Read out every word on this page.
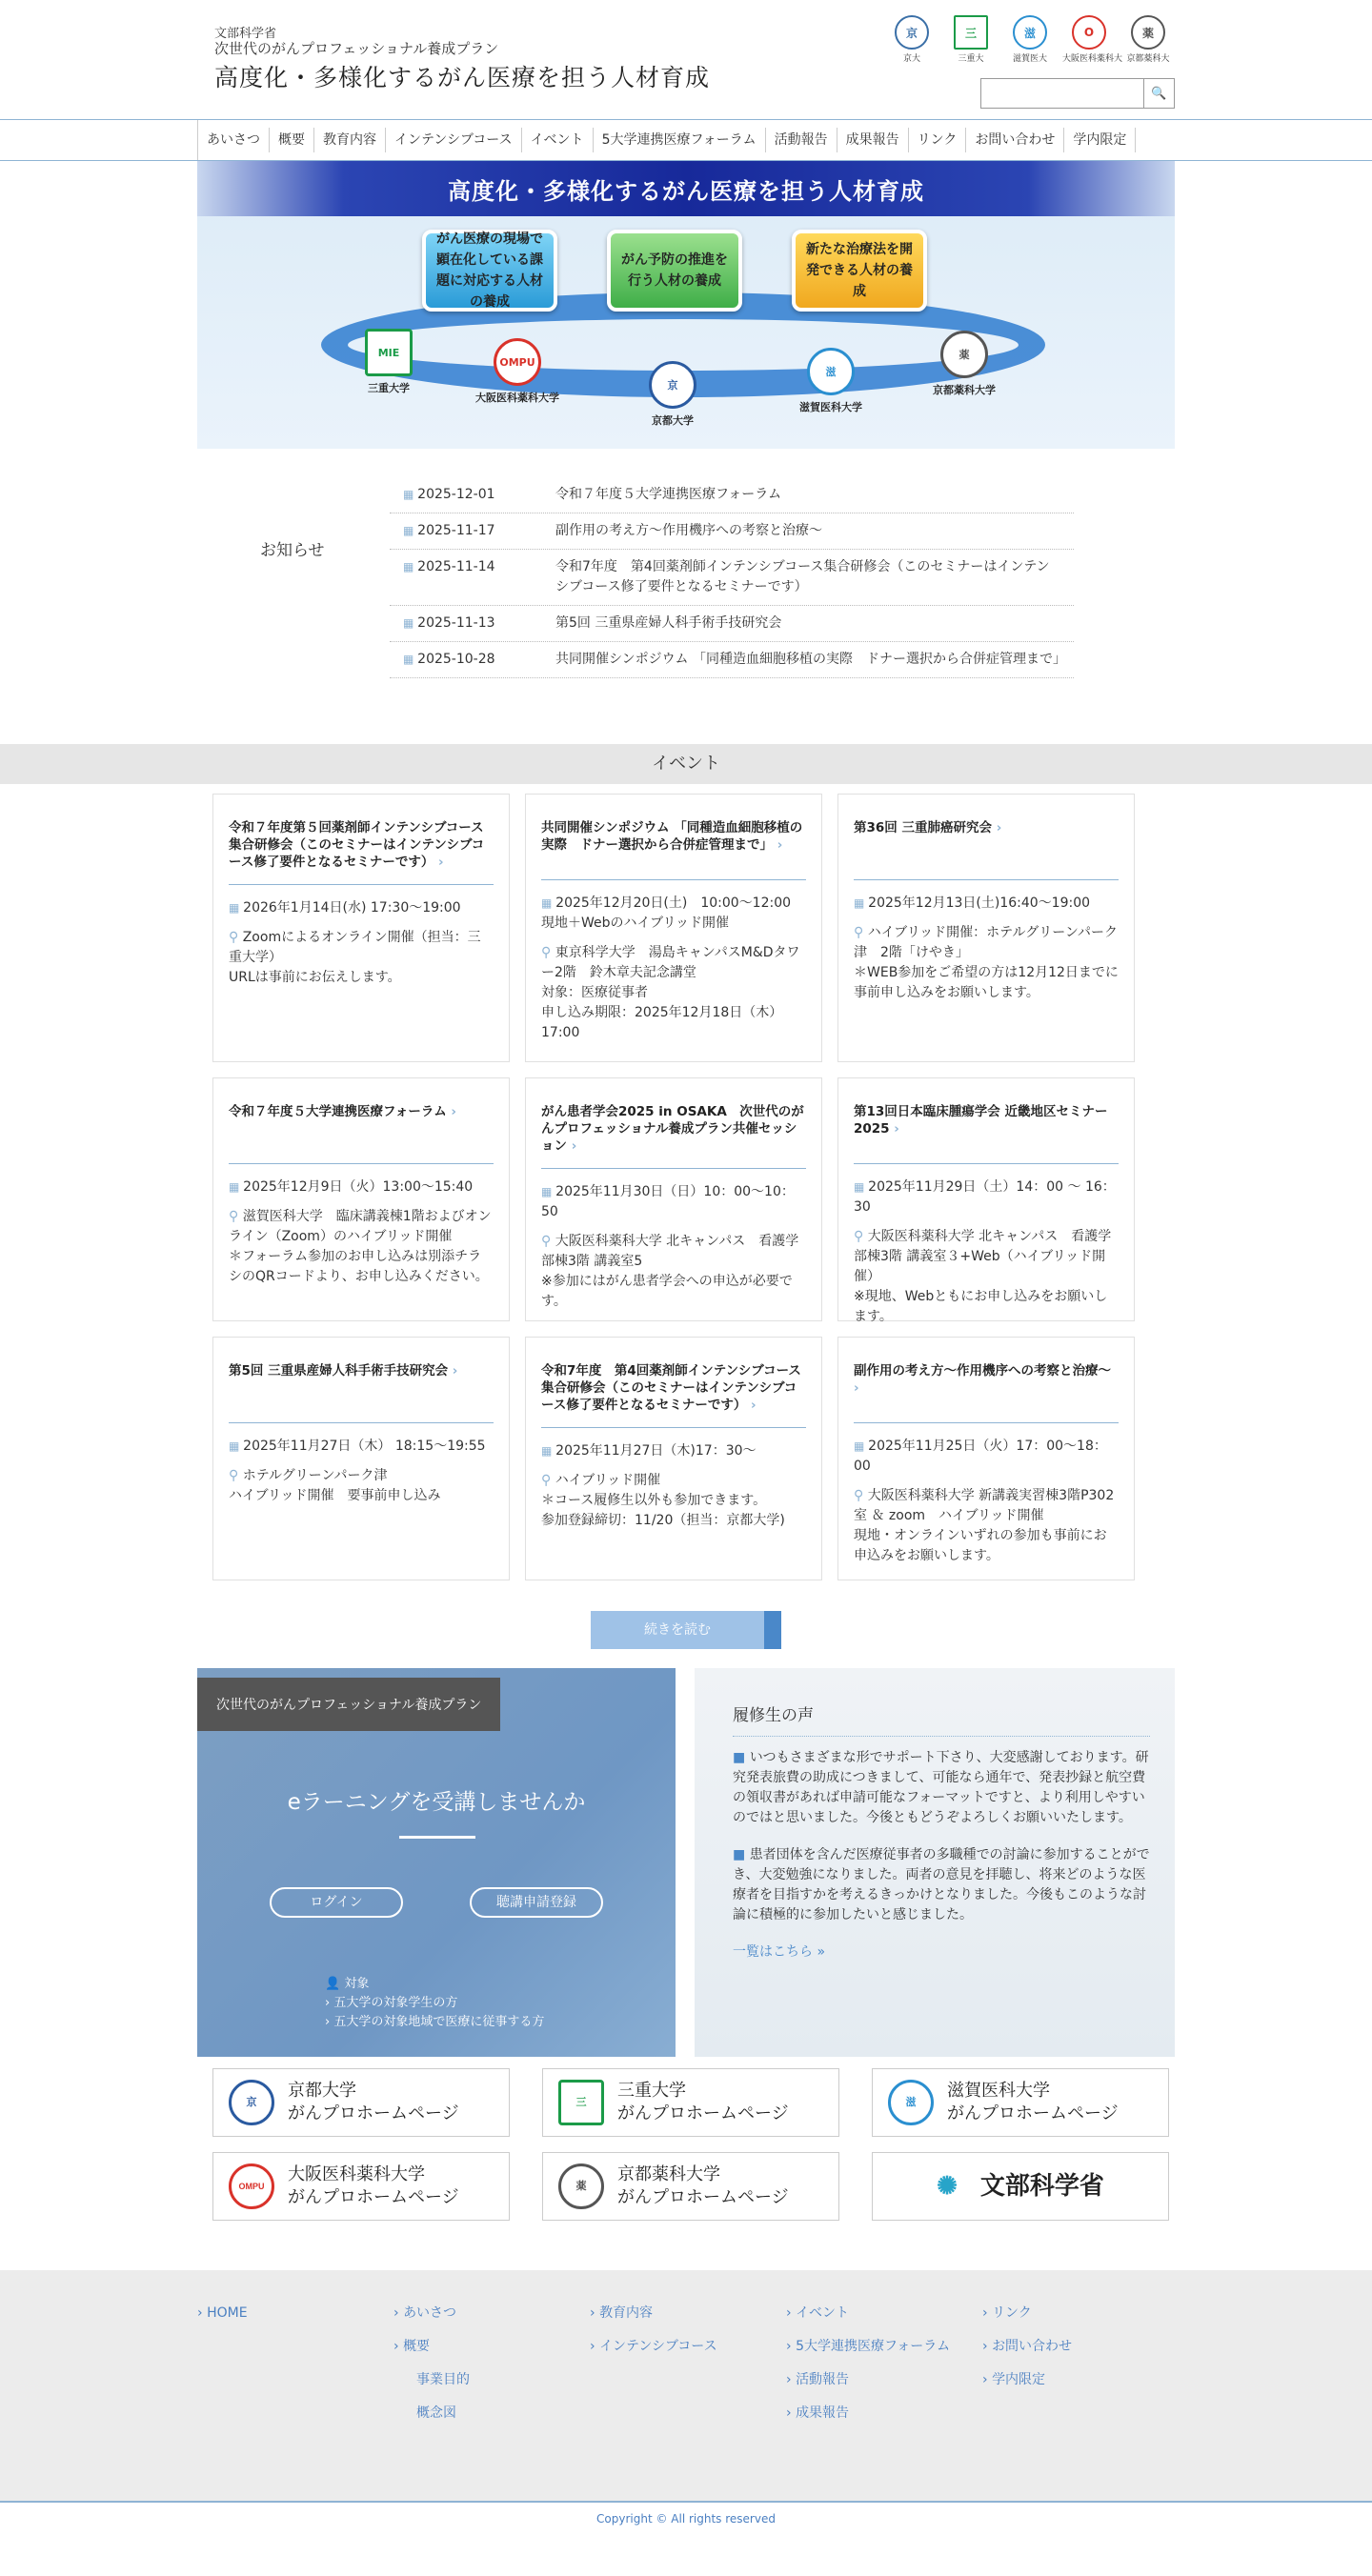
文部科学省
次世代のがんプロフェッショナル養成プラン
高度化・多様化するがん医療を担う人材育成
京
京大
三
三重大
滋
滋賀医大
O
大阪医科薬科大
薬
京都薬科大
🔍
あいさつ	概要	教育内容	インテンシブコース	イベント	5大学連携医療フォーラム	活動報告	成果報告	リンク	お問い合わせ	学内限定
高度化・多様化するがん医療を担う人材育成
がん医療の現場で顕在化している課題に対応する人材の養成
がん予防の推進を行う人材の養成
新たな治療法を開発できる人材の養成
MIE
三重大学
OMPU
大阪医科薬科大学
京
京都大学
滋
滋賀医科大学
薬
京都薬科大学
お知らせ
▦ 2025-12-01	令和７年度５大学連携医療フォーラム
▦ 2025-11-17	副作用の考え方〜作用機序への考察と治療〜
▦ 2025-11-14	令和7年度　第4回薬剤師インテンシブコース集合研修会（このセミナーはインテンシブコース修了要件となるセミナーです）
▦ 2025-11-13	第5回 三重県産婦人科手術手技研究会
▦ 2025-10-28	共同開催シンポジウム 「同種造血細胞移植の実際　ドナー選択から合併症管理まで」
イベント
令和７年度第５回薬剤師インテンシブコース集合研修会（このセミナーはインテンシブコース修了要件となるセミナーです） ›
▦ 2026年1月14日(水) 17:30〜19:00
⚲ Zoomによるオンライン開催（担当：三重大学）
URLは事前にお伝えします。
共同開催シンポジウム 「同種造血細胞移植の実際　ドナー選択から合併症管理まで」 ›
▦ 2025年12月20日(土)　10:00〜12:00　現地＋Webのハイブリッド開催
⚲ 東京科学大学　湯島キャンパスM&Dタワー2階　鈴木章夫記念講堂
対象：医療従事者
申し込み期限：2025年12月18日（木）17:00
第36回 三重肺癌研究会 ›
▦ 2025年12月13日(土)16:40〜19:00
⚲ ハイブリッド開催：ホテルグリーンパーク津　2階「けやき」
＊WEB参加をご希望の方は12月12日までに事前申し込みをお願いします。
令和７年度５大学連携医療フォーラム ›
▦ 2025年12月9日（火）13:00〜15:40
⚲ 滋賀医科大学　臨床講義棟1階およびオンライン（Zoom）のハイブリッド開催
＊フォーラム参加のお申し込みは別添チラシのQRコードより、お申し込みください。
がん患者学会2025 in OSAKA　次世代のがんプロフェッショナル養成プラン共催セッション ›
▦ 2025年11月30日（日）10：00〜10：50
⚲ 大阪医科薬科大学 北キャンパス　看護学部棟3階 講義室5
※参加にはがん患者学会への申込が必要です。
第13回日本臨床腫瘍学会 近畿地区セミナー2025 ›
▦ 2025年11月29日（土）14：00 〜 16：30
⚲ 大阪医科薬科大学 北キャンパス　看護学部棟3階 講義室３+Web（ハイブリッド開催）
※現地、Webともにお申し込みをお願いします。
第5回 三重県産婦人科手術手技研究会 ›
▦ 2025年11月27日（木） 18:15〜19:55
⚲ ホテルグリーンパーク津
ハイブリッド開催　要事前申し込み
令和7年度　第4回薬剤師インテンシブコース集合研修会（このセミナーはインテンシブコース修了要件となるセミナーです） ›
▦ 2025年11月27日（木)17：30〜
⚲ ハイブリッド開催
＊コース履修生以外も参加できます。
参加登録締切：11/20（担当：京都大学)
副作用の考え方〜作用機序への考察と治療〜 ›
▦ 2025年11月25日（火）17：00〜18：00
⚲ 大阪医科薬科大学 新講義実習棟3階P302室 ＆ zoom　ハイブリッド開催
現地・オンラインいずれの参加も事前にお申込みをお願いします。
続きを読む
次世代のがんプロフェッショナル養成プラン
eラーニングを受講しませんか
ログイン	聴講申請登録
👤 対象
› 五大学の対象学生の方
› 五大学の対象地域で医療に従事する方
履修生の声

■ いつもさまざまな形でサポート下さり、大変感謝しております。研究発表旅費の助成につきまして、可能なら通年で、発表抄録と航空費の領収書があれば申請可能なフォーマットですと、より利用しやすいのではと思いました。今後ともどうぞよろしくお願いいたします。

■ 患者団体を含んだ医療従事者の多職種での討論に参加することができ、大変勉強になりました。両者の意見を拝聴し、将来どのような医療者を目指すかを考えるきっかけとなりました。今後もこのような討論に積極的に参加したいと感じました。

一覧はこちら »
京
京都大学
がんプロホームページ
三
三重大学
がんプロホームページ
滋
滋賀医科大学
がんプロホームページ
OMPU
大阪医科薬科大学
がんプロホームページ
薬
京都薬科大学
がんプロホームページ	✺ 文部科学省
› HOME
›	あいさつ
› 概要
事業目的
概念図
› 教育内容
› インテンシブコース
› イベント
› 5大学連携医療フォーラム
› 活動報告
› 成果報告
› リンク
› お問い合わせ
› 学内限定
Copyright © All rights reserved
